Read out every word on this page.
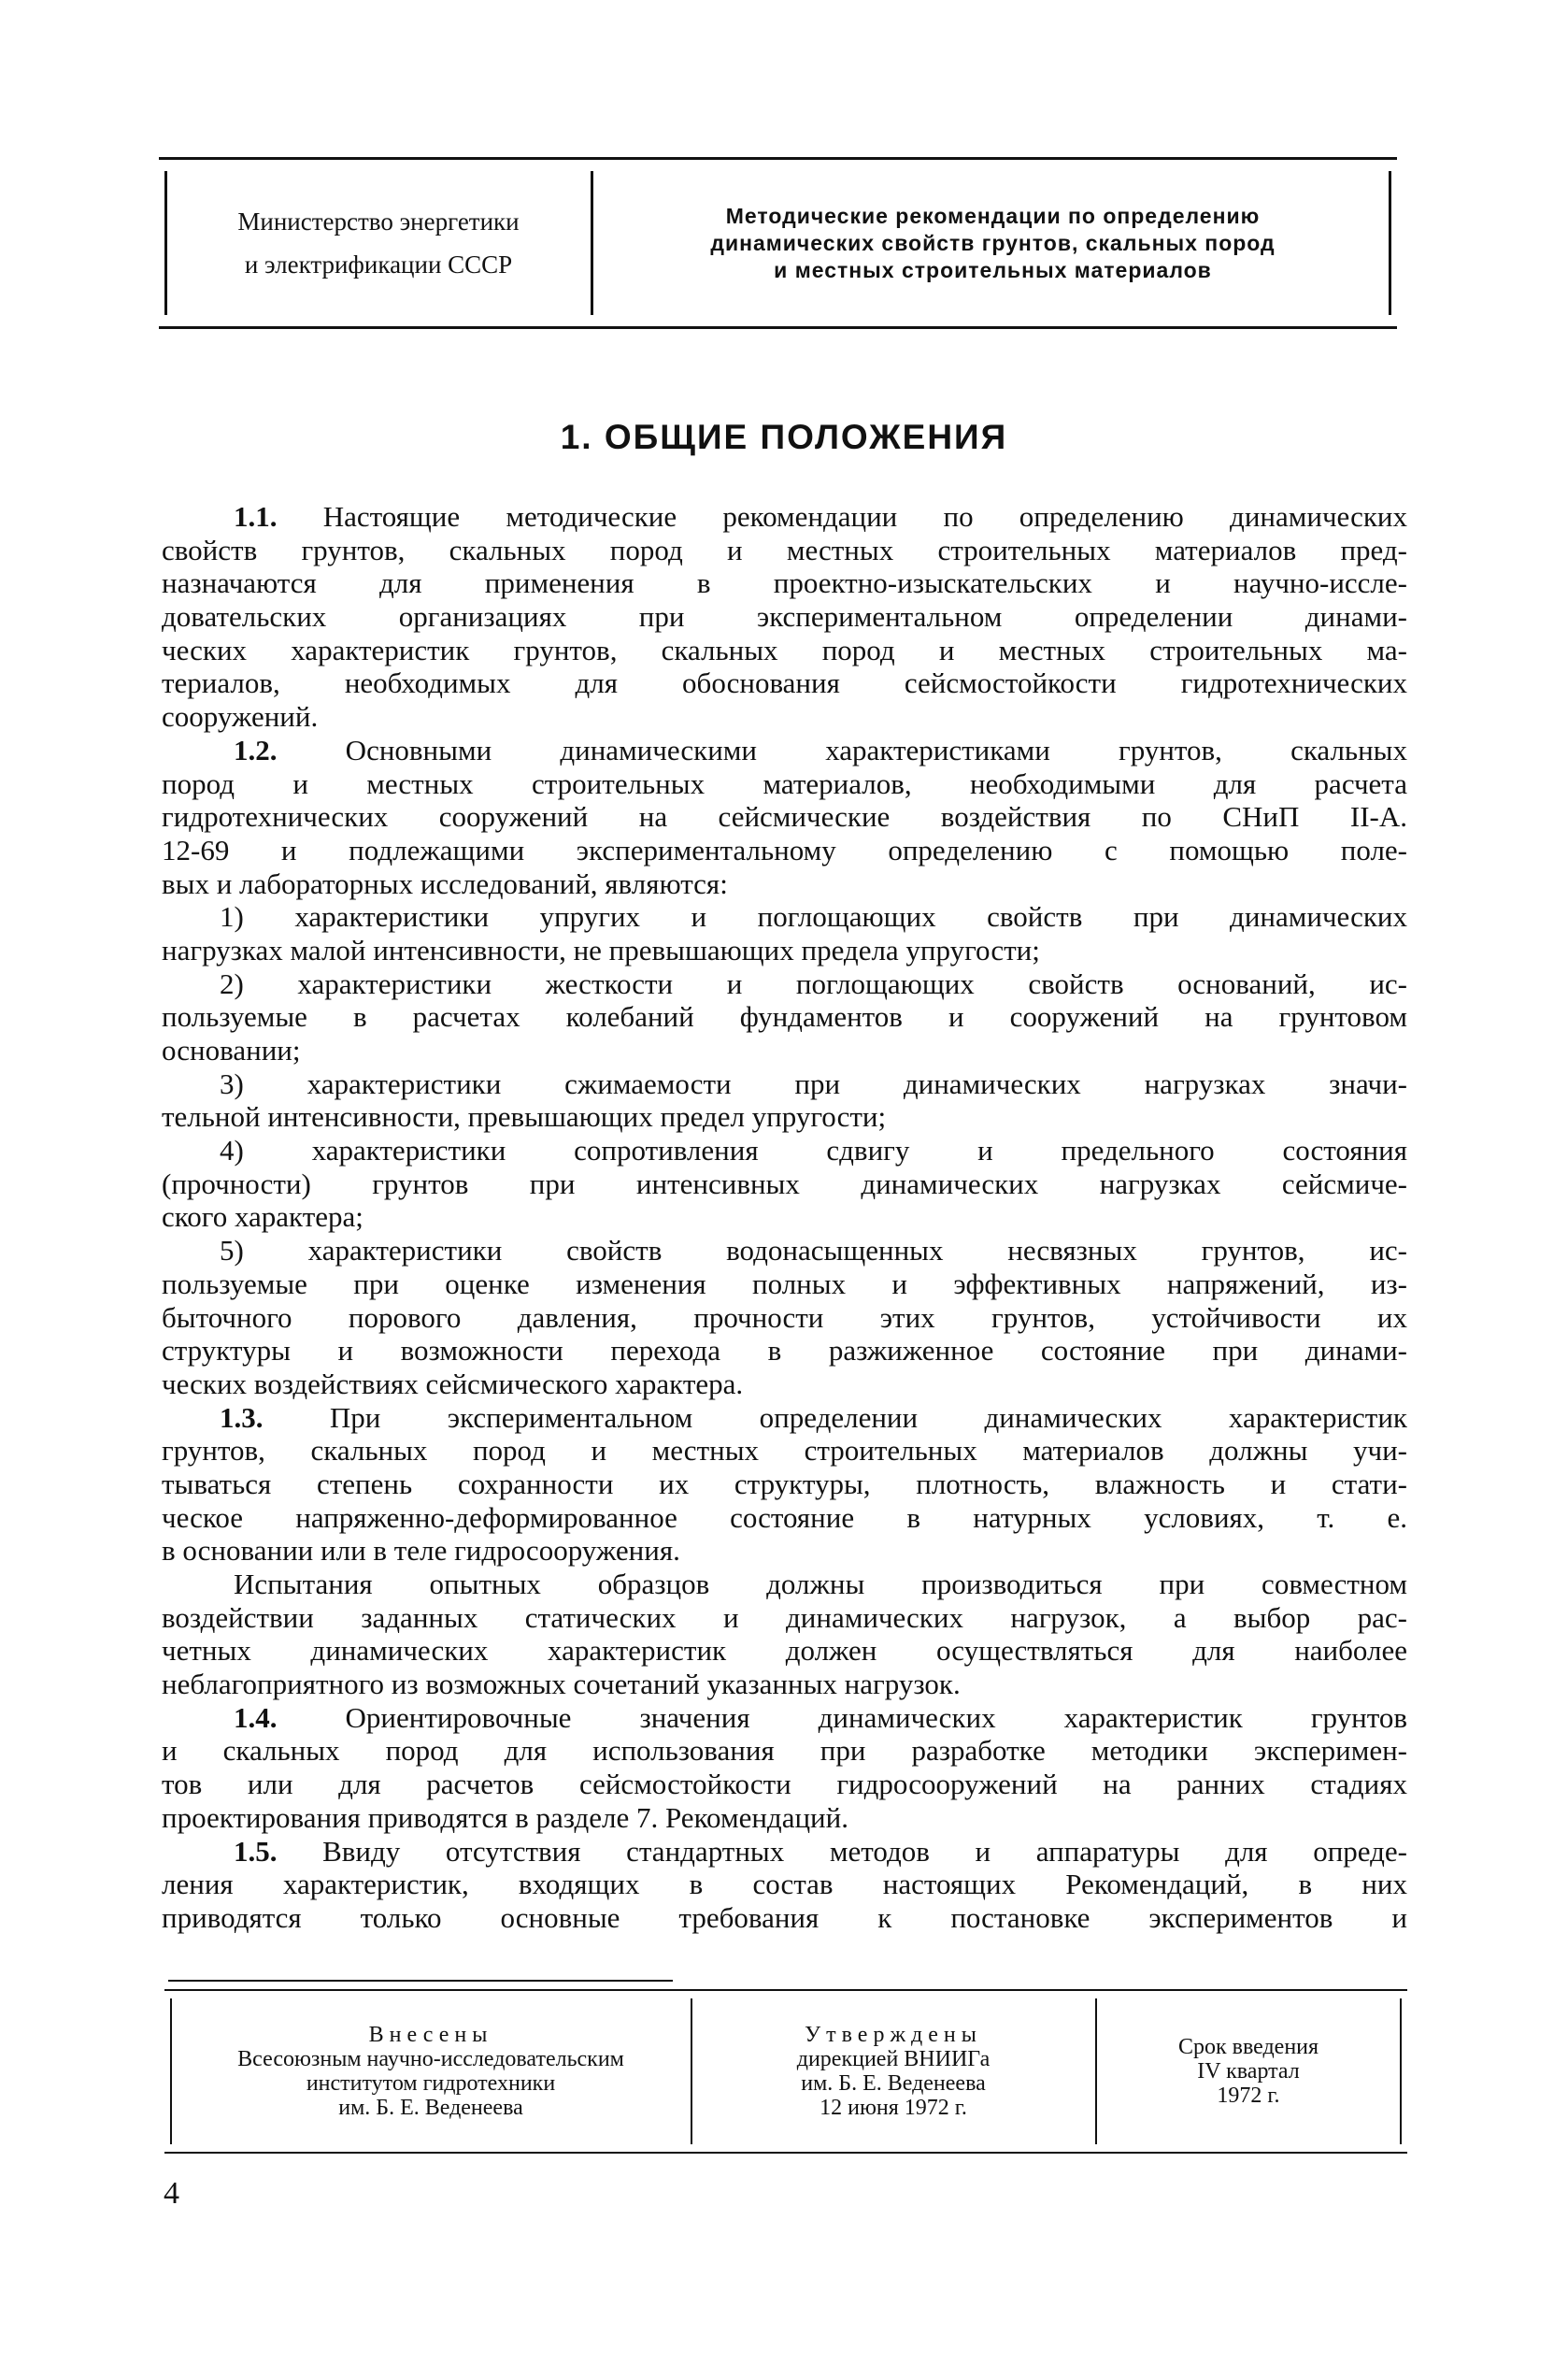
Министерство энергетики
и электрификации СССР
Методические рекомендации по определению
динамических свойств грунтов, скальных пород
и местных строительных материалов
1. ОБЩИЕ ПОЛОЖЕНИЯ
1.1. Настоящие методические рекомендации по определению динамических
свойств грунтов, скальных пород и местных строительных материалов пред-
назначаются для применения в проектно-изыскательских и научно-иссле-
довательских организациях при экспериментальном определении динами-
ческих характеристик грунтов, скальных пород и местных строительных ма-
териалов, необходимых для обоснования сейсмостойкости гидротехнических
сооружений.
1.2. Основными динамическими характеристиками грунтов, скальных
пород и местных строительных материалов, необходимыми для расчета
гидротехнических сооружений на сейсмические воздействия по СНиП II-А.
12-69 и подлежащими экспериментальному определению с помощью поле-
вых и лабораторных исследований, являются:
1) характеристики упругих и поглощающих свойств при динамических
нагрузках малой интенсивности, не превышающих предела упругости;
2) характеристики жесткости и поглощающих свойств оснований, ис-
пользуемые в расчетах колебаний фундаментов и сооружений на грунтовом
основании;
3) характеристики сжимаемости при динамических нагрузках значи-
тельной интенсивности, превышающих предел упругости;
4) характеристики сопротивления сдвигу и предельного состояния
(прочности) грунтов при интенсивных динамических нагрузках сейсмиче-
ского характера;
5) характеристики свойств водонасыщенных несвязных грунтов, ис-
пользуемые при оценке изменения полных и эффективных напряжений, из-
быточного порового давления, прочности этих грунтов, устойчивости их
структуры и возможности перехода в разжиженное состояние при динами-
ческих воздействиях сейсмического характера.
1.3. При экспериментальном определении динамических характеристик
грунтов, скальных пород и местных строительных материалов должны учи-
тываться степень сохранности их структуры, плотность, влажность и стати-
ческое напряженно-деформированное состояние в натурных условиях, т. е.
в основании или в теле гидросооружения.
Испытания опытных образцов должны производиться при совместном
воздействии заданных статических и динамических нагрузок, а выбор рас-
четных динамических характеристик должен осуществляться для наиболее
неблагоприятного из возможных сочетаний указанных нагрузок.
1.4. Ориентировочные значения динамических характеристик грунтов
и скальных пород для использования при разработке методики эксперимен-
тов или для расчетов сейсмостойкости гидросооружений на ранних стадиях
проектирования приводятся в разделе 7. Рекомендаций.
1.5. Ввиду отсутствия стандартных методов и аппаратуры для опреде-
ления характеристик, входящих в состав настоящих Рекомендаций, в них
приводятся только основные требования к постановке экспериментов и
Внесены
Всесоюзным научно-исследовательским
институтом гидротехники
им. Б. Е. Веденеева
Утверждены
дирекцией ВНИИГа
им. Б. Е. Веденеева
12 июня 1972 г.
Срок введения
IV квартал
1972 г.
4
